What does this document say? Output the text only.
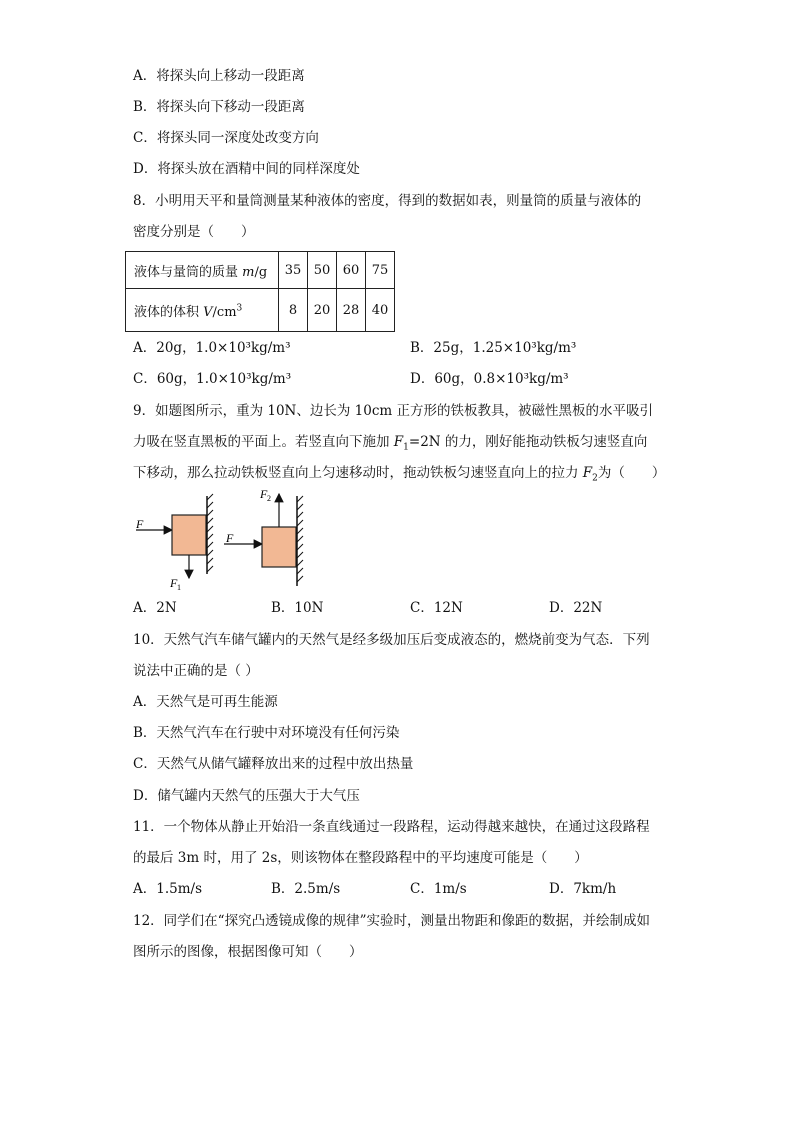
A．将探头向上移动一段距离
B．将探头向下移动一段距离
C．将探头同一深度处改变方向
D．将探头放在酒精中间的同样深度处
8．小明用天平和量筒测量某种液体的密度，得到的数据如表，则量筒的质量与液体的
密度分别是（　　）
液体与量筒的质量 m/g	35	50	60	75
液体的体积 $V/cm^3$	8	20	28	40
A．20g，1.0×10³kg/m³	B．25g，1.25×10³kg/m³
C．60g，1.0×10³kg/m³	D．60g，0.8×10³kg/m³
9．如题图所示，重为 10N、边长为 10cm 正方形的铁板教具，被磁性黑板的水平吸引
力吸在竖直黑板的平面上。若竖直向下施加 $F_1=2N$ 的力，刚好能拖动铁板匀速竖直向
下移动，那么拉动铁板竖直向上匀速移动时，拖动铁板匀速竖直向上的拉力 $F_2$为（　　）
F
F 1
F
F 2
A．2N	B．10N	C．12N	D．22N
10．天然气汽车储气罐内的天然气是经多级加压后变成液态的，燃烧前变为气态．下列
说法中正确的是（ ）
A．天然气是可再生能源
B．天然气汽车在行驶中对环境没有任何污染
C．天然气从储气罐释放出来的过程中放出热量
D．储气罐内天然气的压强大于大气压
11．一个物体从静止开始沿一条直线通过一段路程，运动得越来越快，在通过这段路程
的最后 3m 时，用了 2s，则该物体在整段路程中的平均速度可能是（　　）
A．1.5m/s	B．2.5m/s	C．1m/s	D．7km/h
12．同学们在“探究凸透镜成像的规律”实验时，测量出物距和像距的数据，并绘制成如
图所示的图像，根据图像可知（　　）
